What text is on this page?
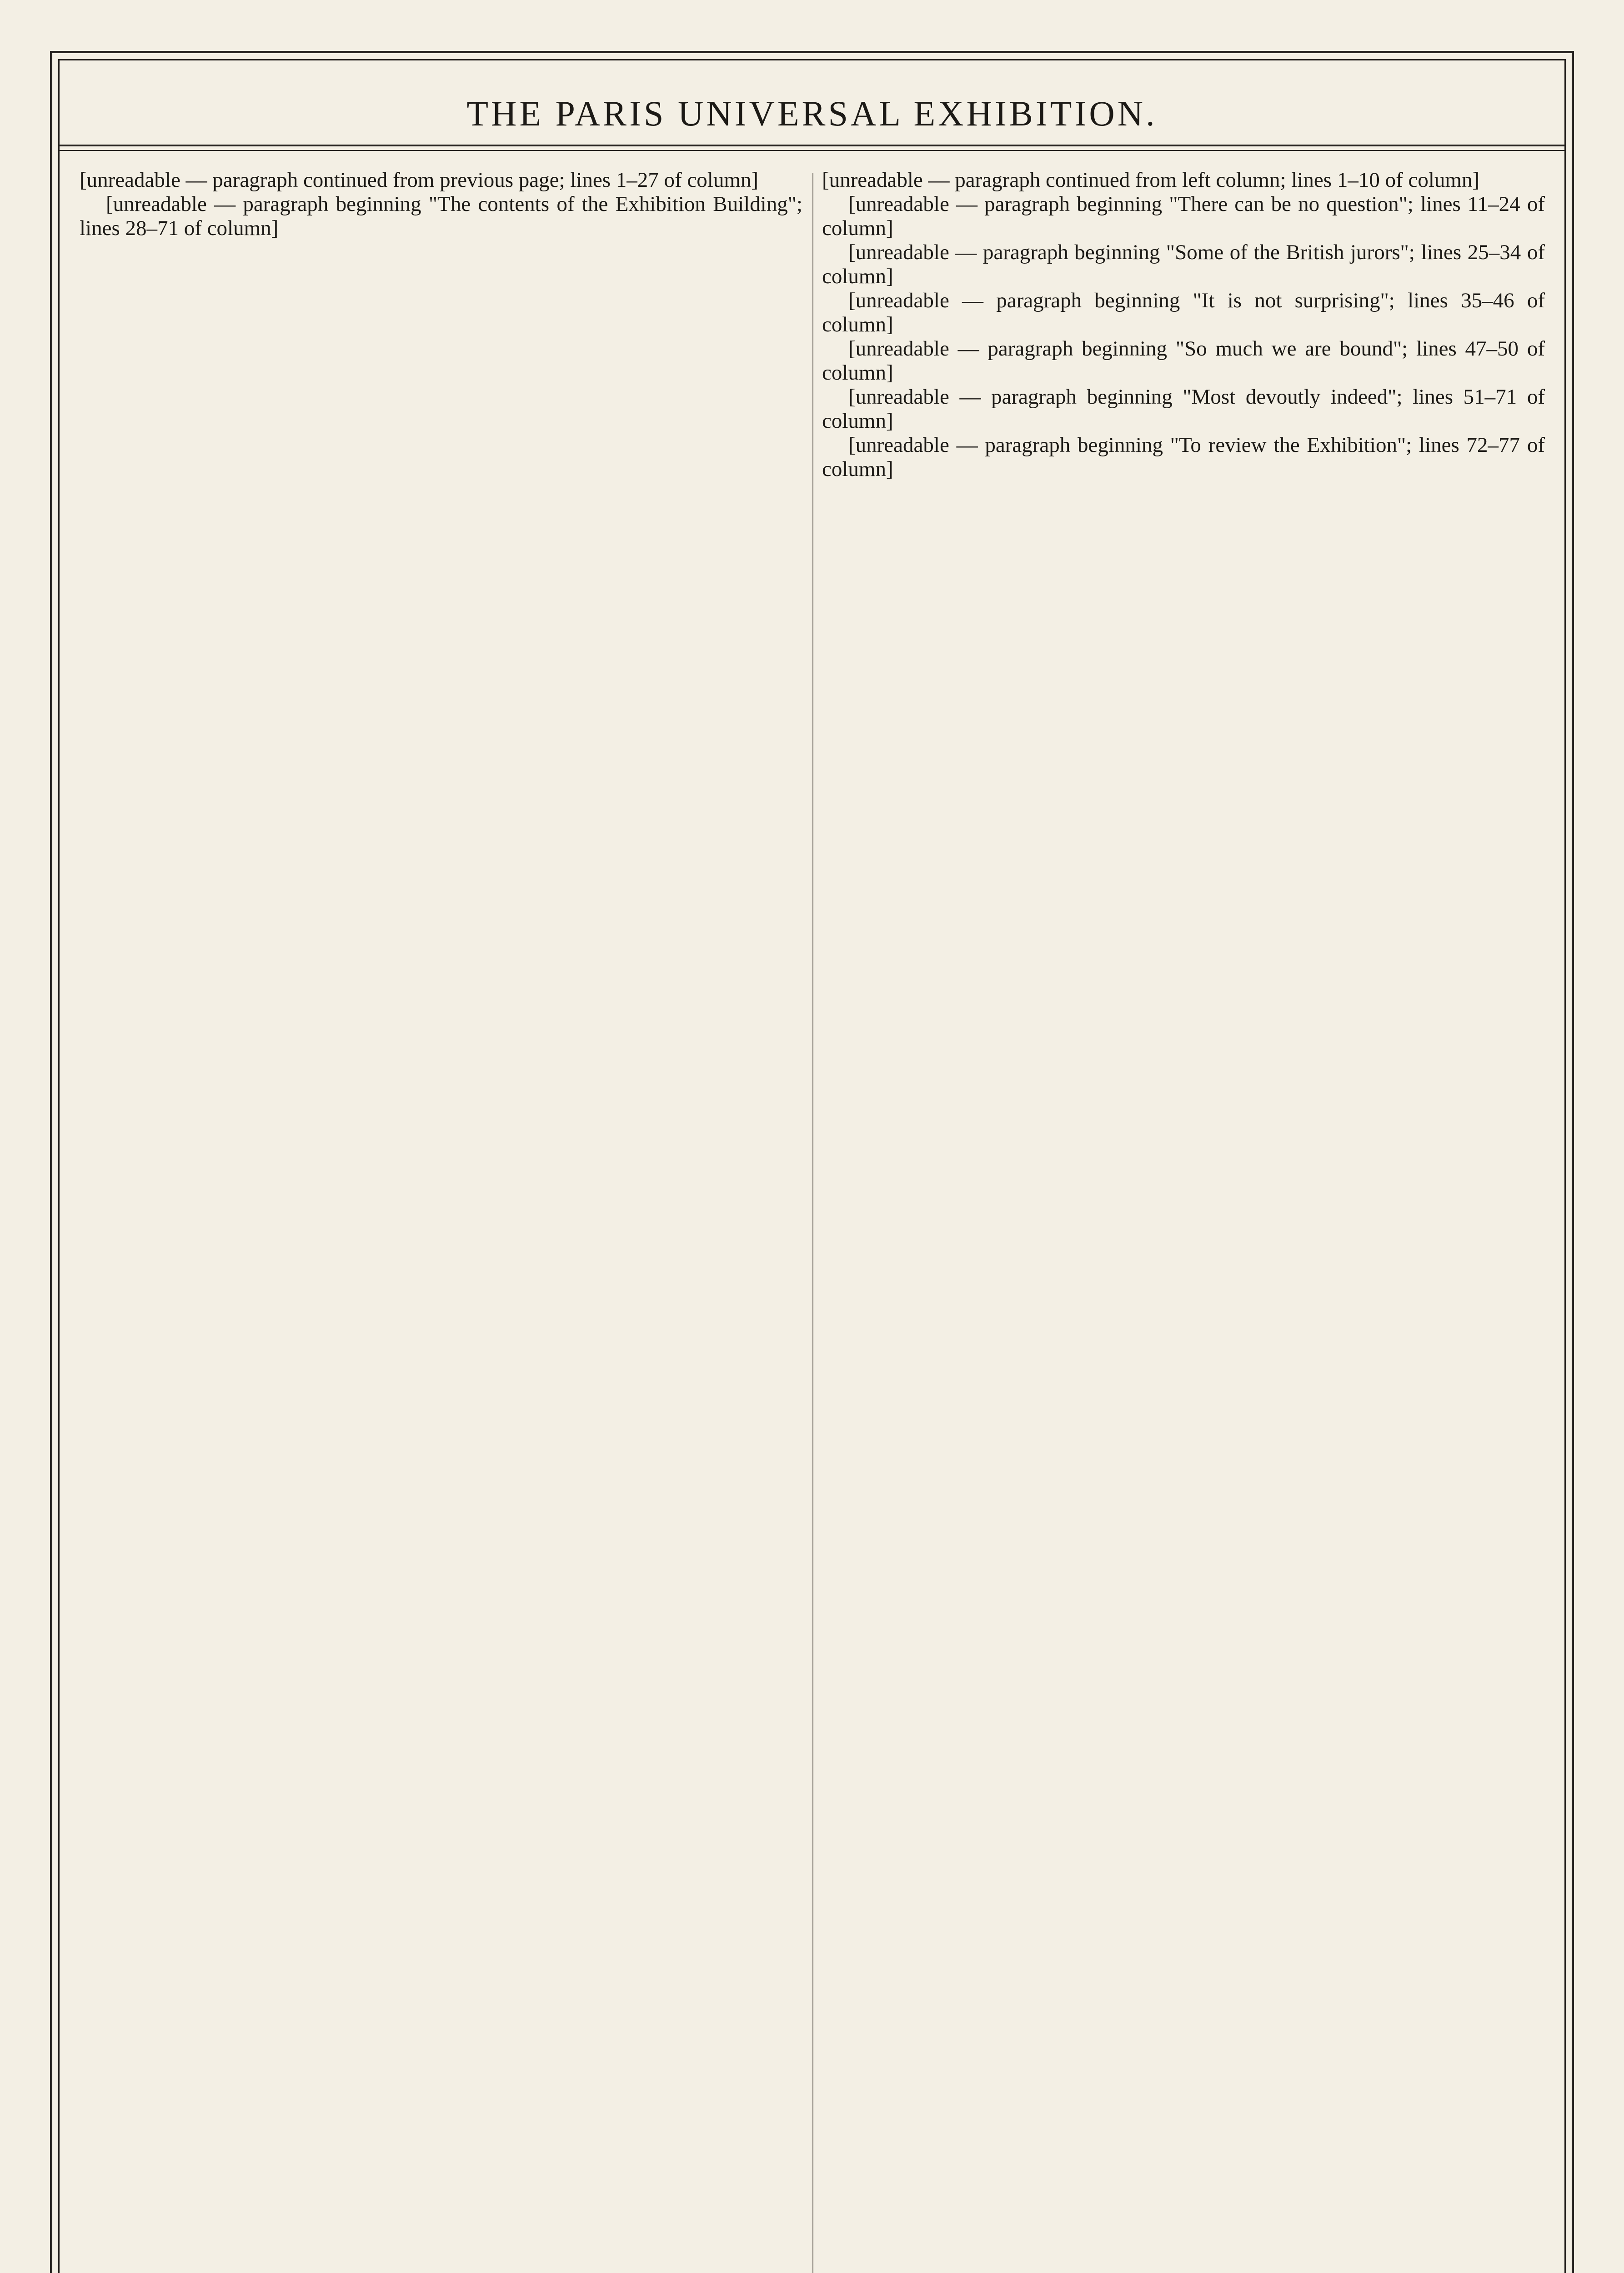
THE PARIS UNIVERSAL EXHIBITION.

[unreadable — paragraph continued from previous page; lines 1–27 of column]

[unreadable — paragraph beginning "The contents of the Exhibition Building"; lines 28–71 of column]

[unreadable — paragraph continued from left column; lines 1–10 of column]

[unreadable — paragraph beginning "There can be no question"; lines 11–24 of column]

[unreadable — paragraph beginning "Some of the British jurors"; lines 25–34 of column]

[unreadable — paragraph beginning "It is not surprising"; lines 35–46 of column]

[unreadable — paragraph beginning "So much we are bound"; lines 47–50 of column]

[unreadable — paragraph beginning "Most devoutly indeed"; lines 51–71 of column]

[unreadable — paragraph beginning "To review the Exhibition"; lines 72–77 of column]
